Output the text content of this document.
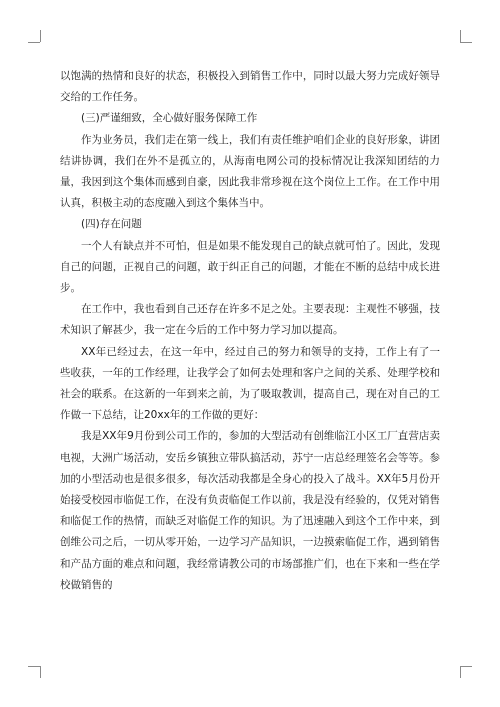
以饱满的热情和良好的状态，积极投入到销售工作中，同时以最大努力完成好领导交给的工作任务。

(三)严谨细致，全心做好服务保障工作

作为业务员，我们走在第一线上，我们有责任维护咱们企业的良好形象，讲团结讲协调，我们在外不是孤立的，从海南电网公司的投标情况让我深知团结的力量，我因到这个集体而感到自豪，因此我非常珍视在这个岗位上工作。在工作中用认真，积极主动的态度融入到这个集体当中。

(四)存在问题

一个人有缺点并不可怕，但是如果不能发现自己的缺点就可怕了。因此，发现自己的问题，正视自己的问题，敢于纠正自己的问题，才能在不断的总结中成长进步。

在工作中，我也看到自己还存在许多不足之处。主要表现：主观性不够强，技术知识了解甚少，我一定在今后的工作中努力学习加以提高。

XX年已经过去，在这一年中，经过自己的努力和领导的支持，工作上有了一些收获，一年的工作经理，让我学会了如何去处理和客户之间的关系、处理学校和社会的联系。在这新的一年到来之前，为了吸取教训，提高自己，现在对自己的工作做一下总结，让20xx年的工作做的更好：

我是XX年9月份到公司工作的，参加的大型活动有创维临江小区工厂直营店卖电视，大洲广场活动，安岳乡镇独立带队搞活动，苏宁一店总经理签名会等等。参加的小型活动也是很多很多，每次活动我都是全身心的投入了战斗。XX年5月份开始接受校园市临促工作，在没有负责临促工作以前，我是没有经验的，仅凭对销售和临促工作的热情，而缺乏对临促工作的知识。为了迅速融入到这个工作中来，到创维公司之后，一切从零开始，一边学习产品知识，一边摸索临促工作，遇到销售和产品方面的难点和问题，我经常请教公司的市场部推广们，也在下来和一些在学校做销售的
